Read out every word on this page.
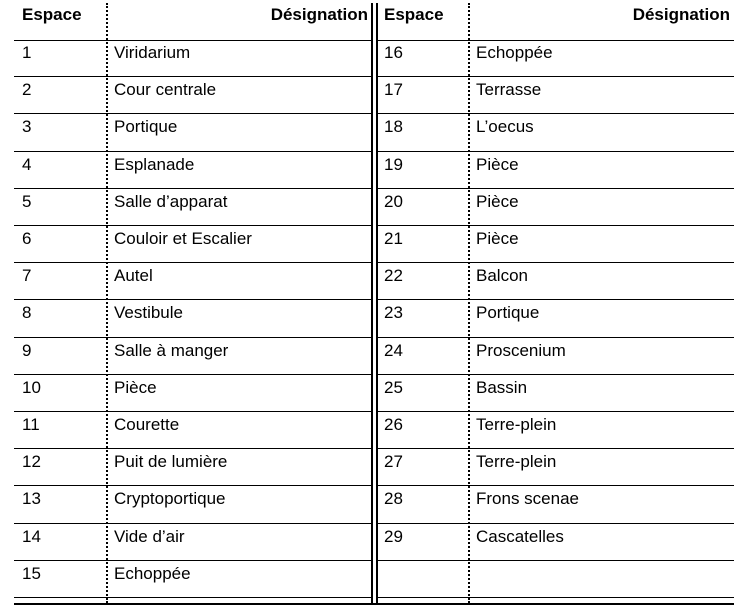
Espace	Désignation
1	Viridarium
2	Cour centrale
3	Portique
4	Esplanade
5	Salle d’apparat
6	Couloir et Escalier
7	Autel
8	Vestibule
9	Salle à manger
10	Pièce
11	Courette
12	Puit de lumière
13	Cryptoportique
14	Vide d’air
15	Echoppée
Espace	Désignation
16	Echoppée
17	Terrasse
18	L’oecus
19	Pièce
20	Pièce
21	Pièce
22	Balcon
23	Portique
24	Proscenium
25	Bassin
26	Terre-plein
27	Terre-plein
28	Frons scenae
29	Cascatelles
